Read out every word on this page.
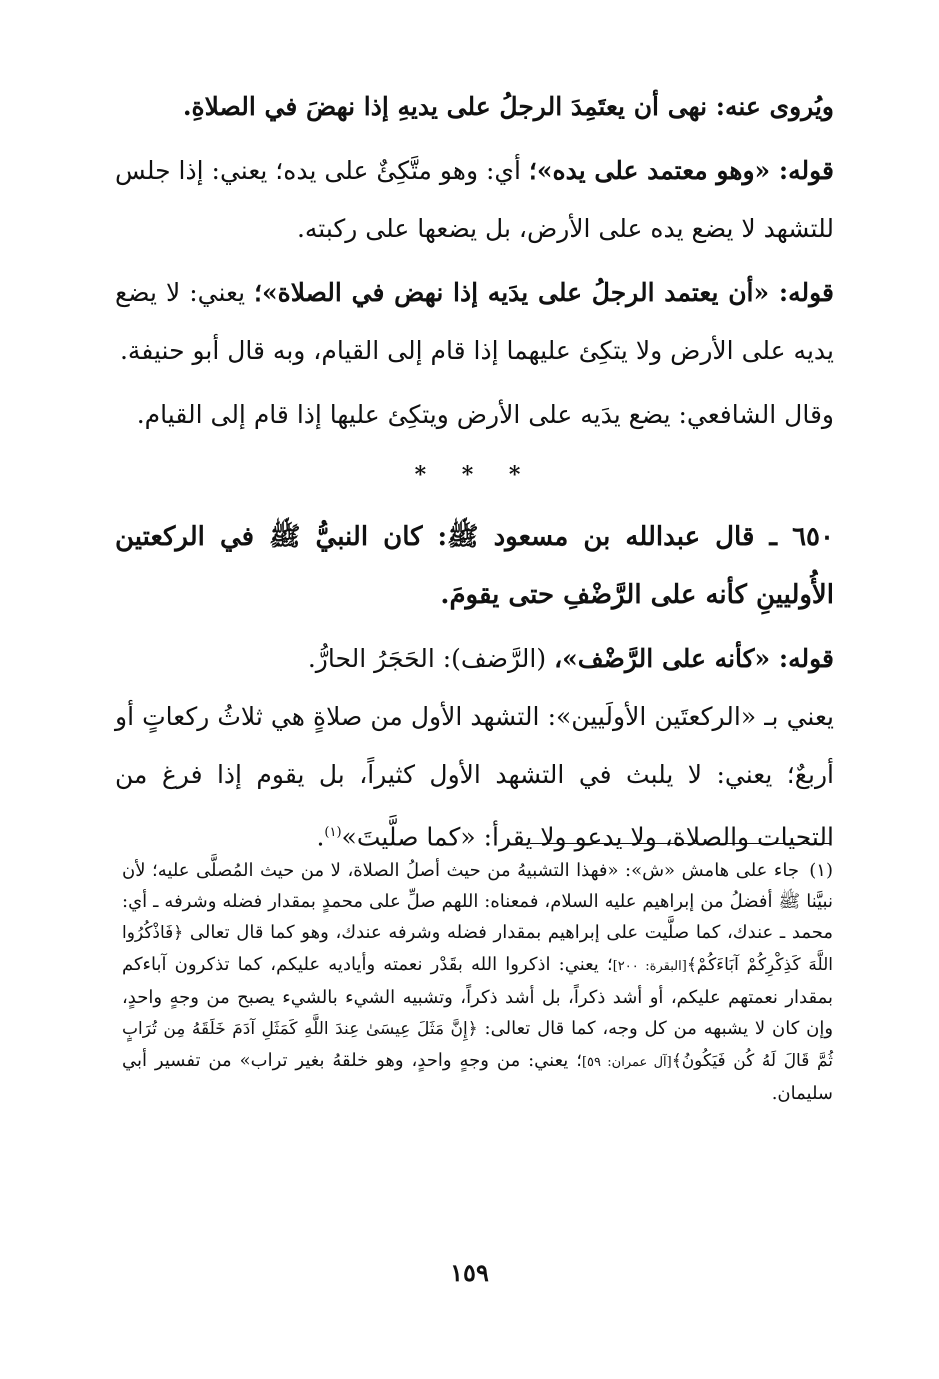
ويُروى عنه: نهى أن يعتَمِدَ الرجلُ على يديهِ إذا نهضَ في الصلاةِ.

قوله: «وهو معتمد على يده»؛ أي: وهو متَّكِئٌ على يده؛ يعني: إذا جلس للتشهد لا يضع يده على الأرض، بل يضعها على ركبته.

قوله: «أن يعتمد الرجلُ على يدَيه إذا نهض في الصلاة»؛ يعني: لا يضع يديه على الأرض ولا يتكِئ عليهما إذا قام إلى القيام، وبه قال أبو حنيفة.

وقال الشافعي: يضع يدَيه على الأرض ويتكِئ عليها إذا قام إلى القيام.

* * *

٦٥٠ ـ قال عبدالله بن مسعود ﷺ: كان النبيُّ ﷺ في الركعتين الأُوليينِ كأنه على الرَّضْفِ حتى يقومَ.

قوله: «كأنه على الرَّضْف»، (الرَّضف): الحَجَرُ الحارُّ.

يعني بـ «الركعتَين الأولَيين»: التشهد الأول من صلاةٍ هي ثلاثُ ركعاتٍ أو أربعٌ؛ يعني: لا يلبث في التشهد الأول كثيراً، بل يقوم إذا فرغ من التحيات والصلاة، ولا يدعو ولا يقرأ: «كما صلَّيتَ»$^{(١)}$.

(١)جاء على هامش «ش»: «فهذا التشبيهُ من حيث أصلُ الصلاة، لا من حيث المُصلَّى عليه؛ لأن نبيَّنا ﷺ أفضلُ من إبراهيم عليه السلام، فمعناه: اللهم صلِّ على محمدٍ بمقدار فضله وشرفه ـ أي: محمد ـ عندك، كما صلَّيت على إبراهيم بمقدار فضله وشرفه عندك، وهو كما قال تعالى ﴿فَاذْكُرُوا اللَّهَ كَذِكْرِكُمْ آبَاءَكُمْ﴾[البقرة: ٢٠٠]؛ يعني: اذكروا الله بقَدْر نعمته وأياديه عليكم، كما تذكرون آباءكم بمقدار نعمتهم عليكم، أو أشد ذكراً، بل أشد ذكراً، وتشبيه الشيء بالشيء يصبح من وجهٍ واحدٍ، وإن كان لا يشبهه من كل وجه، كما قال تعالى: ﴿إِنَّ مَثَلَ عِيسَىٰ عِندَ اللَّهِ كَمَثَلِ آدَمَ خَلَقَهُ مِن تُرَابٍ ثُمَّ قَالَ لَهُ كُن فَيَكُونُ﴾[آل عمران: ٥٩]؛ يعني: من وجهٍ واحدٍ، وهو خلقهُ بغير تراب» من تفسير أبي سليمان.
١٥٩
